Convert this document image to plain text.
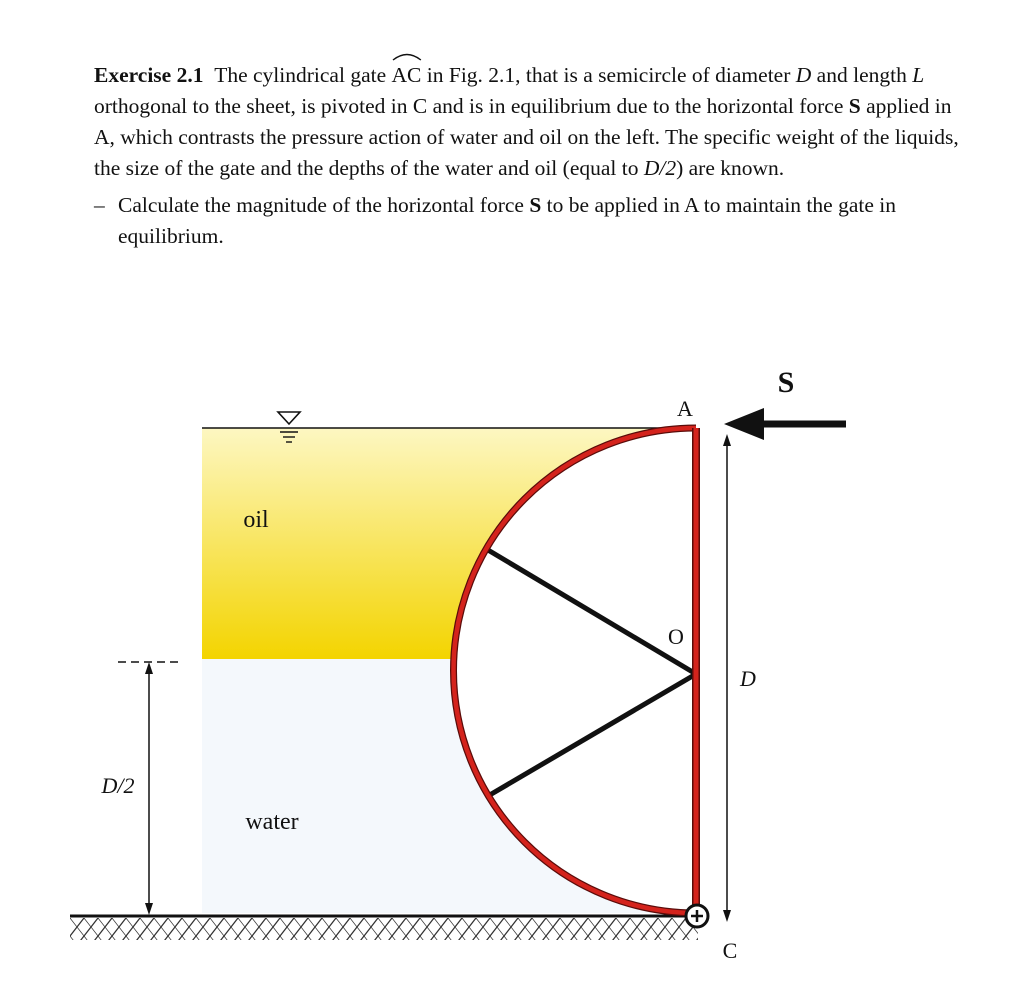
Exercise 2.1 The cylindrical gate
AC in Fig. 2.1, that is a semicircle of diameter D and length L orthogonal to the sheet, is pivoted in C and is in equilibrium due to the horizontal force S applied in A, which contrasts the pressure action of water and oil on the left. The specific weight of the liquids, the size of the gate and the depths of the water and oil (equal to D/2) are known.

– Calculate the magnitude of the horizontal force S to be applied in A to maintain the gate in equilibrium.
S
A
O
D
C
D/2
oil
water
